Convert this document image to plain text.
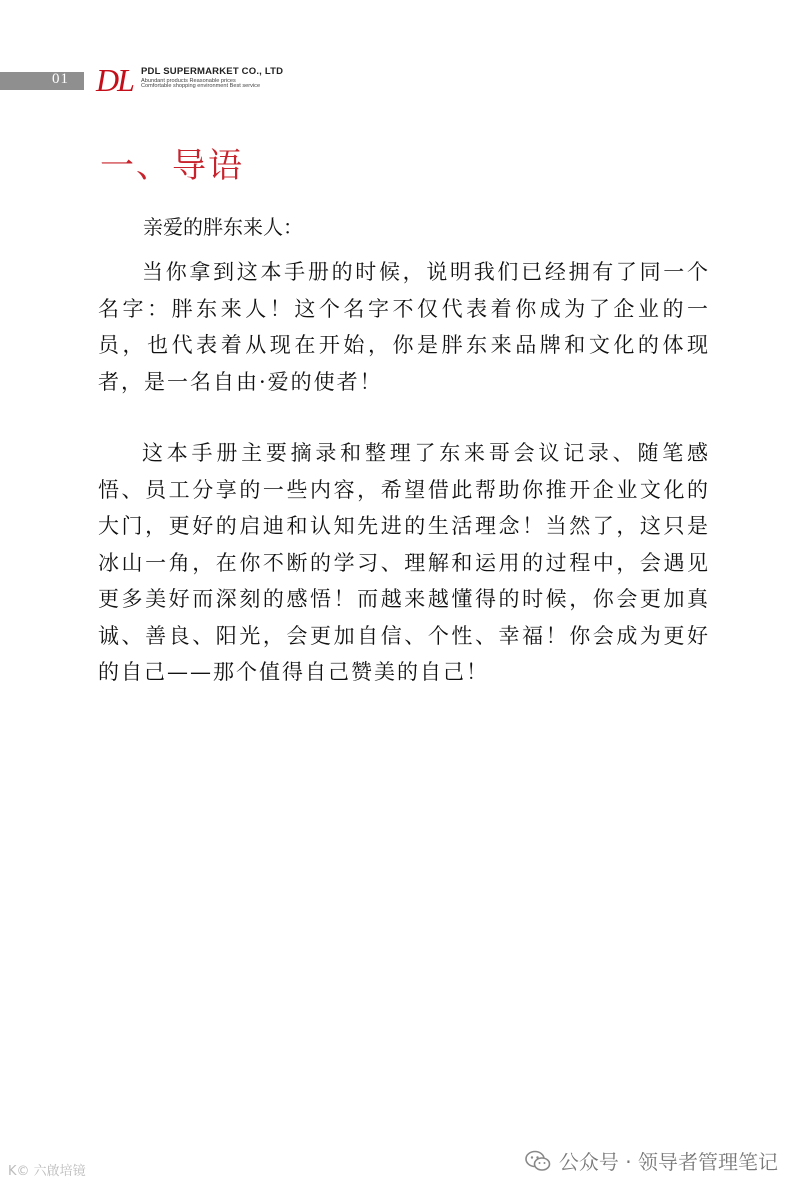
01 DL PDL SUPERMARKET CO., LTD
Abundant products Reasonable prices
Comfortable shopping environment Best service
一、导语
亲爱的胖东来人：

当你拿到这本手册的时候，说明我们已经拥有了同一个名字：胖东来人！这个名字不仅代表着你成为了企业的一员，也代表着从现在开始，你是胖东来品牌和文化的体现者，是一名自由·爱的使者！

这本手册主要摘录和整理了东来哥会议记录、随笔感悟、员工分享的一些内容，希望借此帮助你推开企业文化的大门，更好的启迪和认知先进的生活理念！当然了，这只是冰山一角，在你不断的学习、理解和运用的过程中，会遇见更多美好而深刻的感悟！而越来越懂得的时候，你会更加真诚、善良、阳光，会更加自信、个性、幸福！你会成为更好的自己——那个值得自己赞美的自己！

K© 六啟培镜	公众号 · 领导者管理笔记
